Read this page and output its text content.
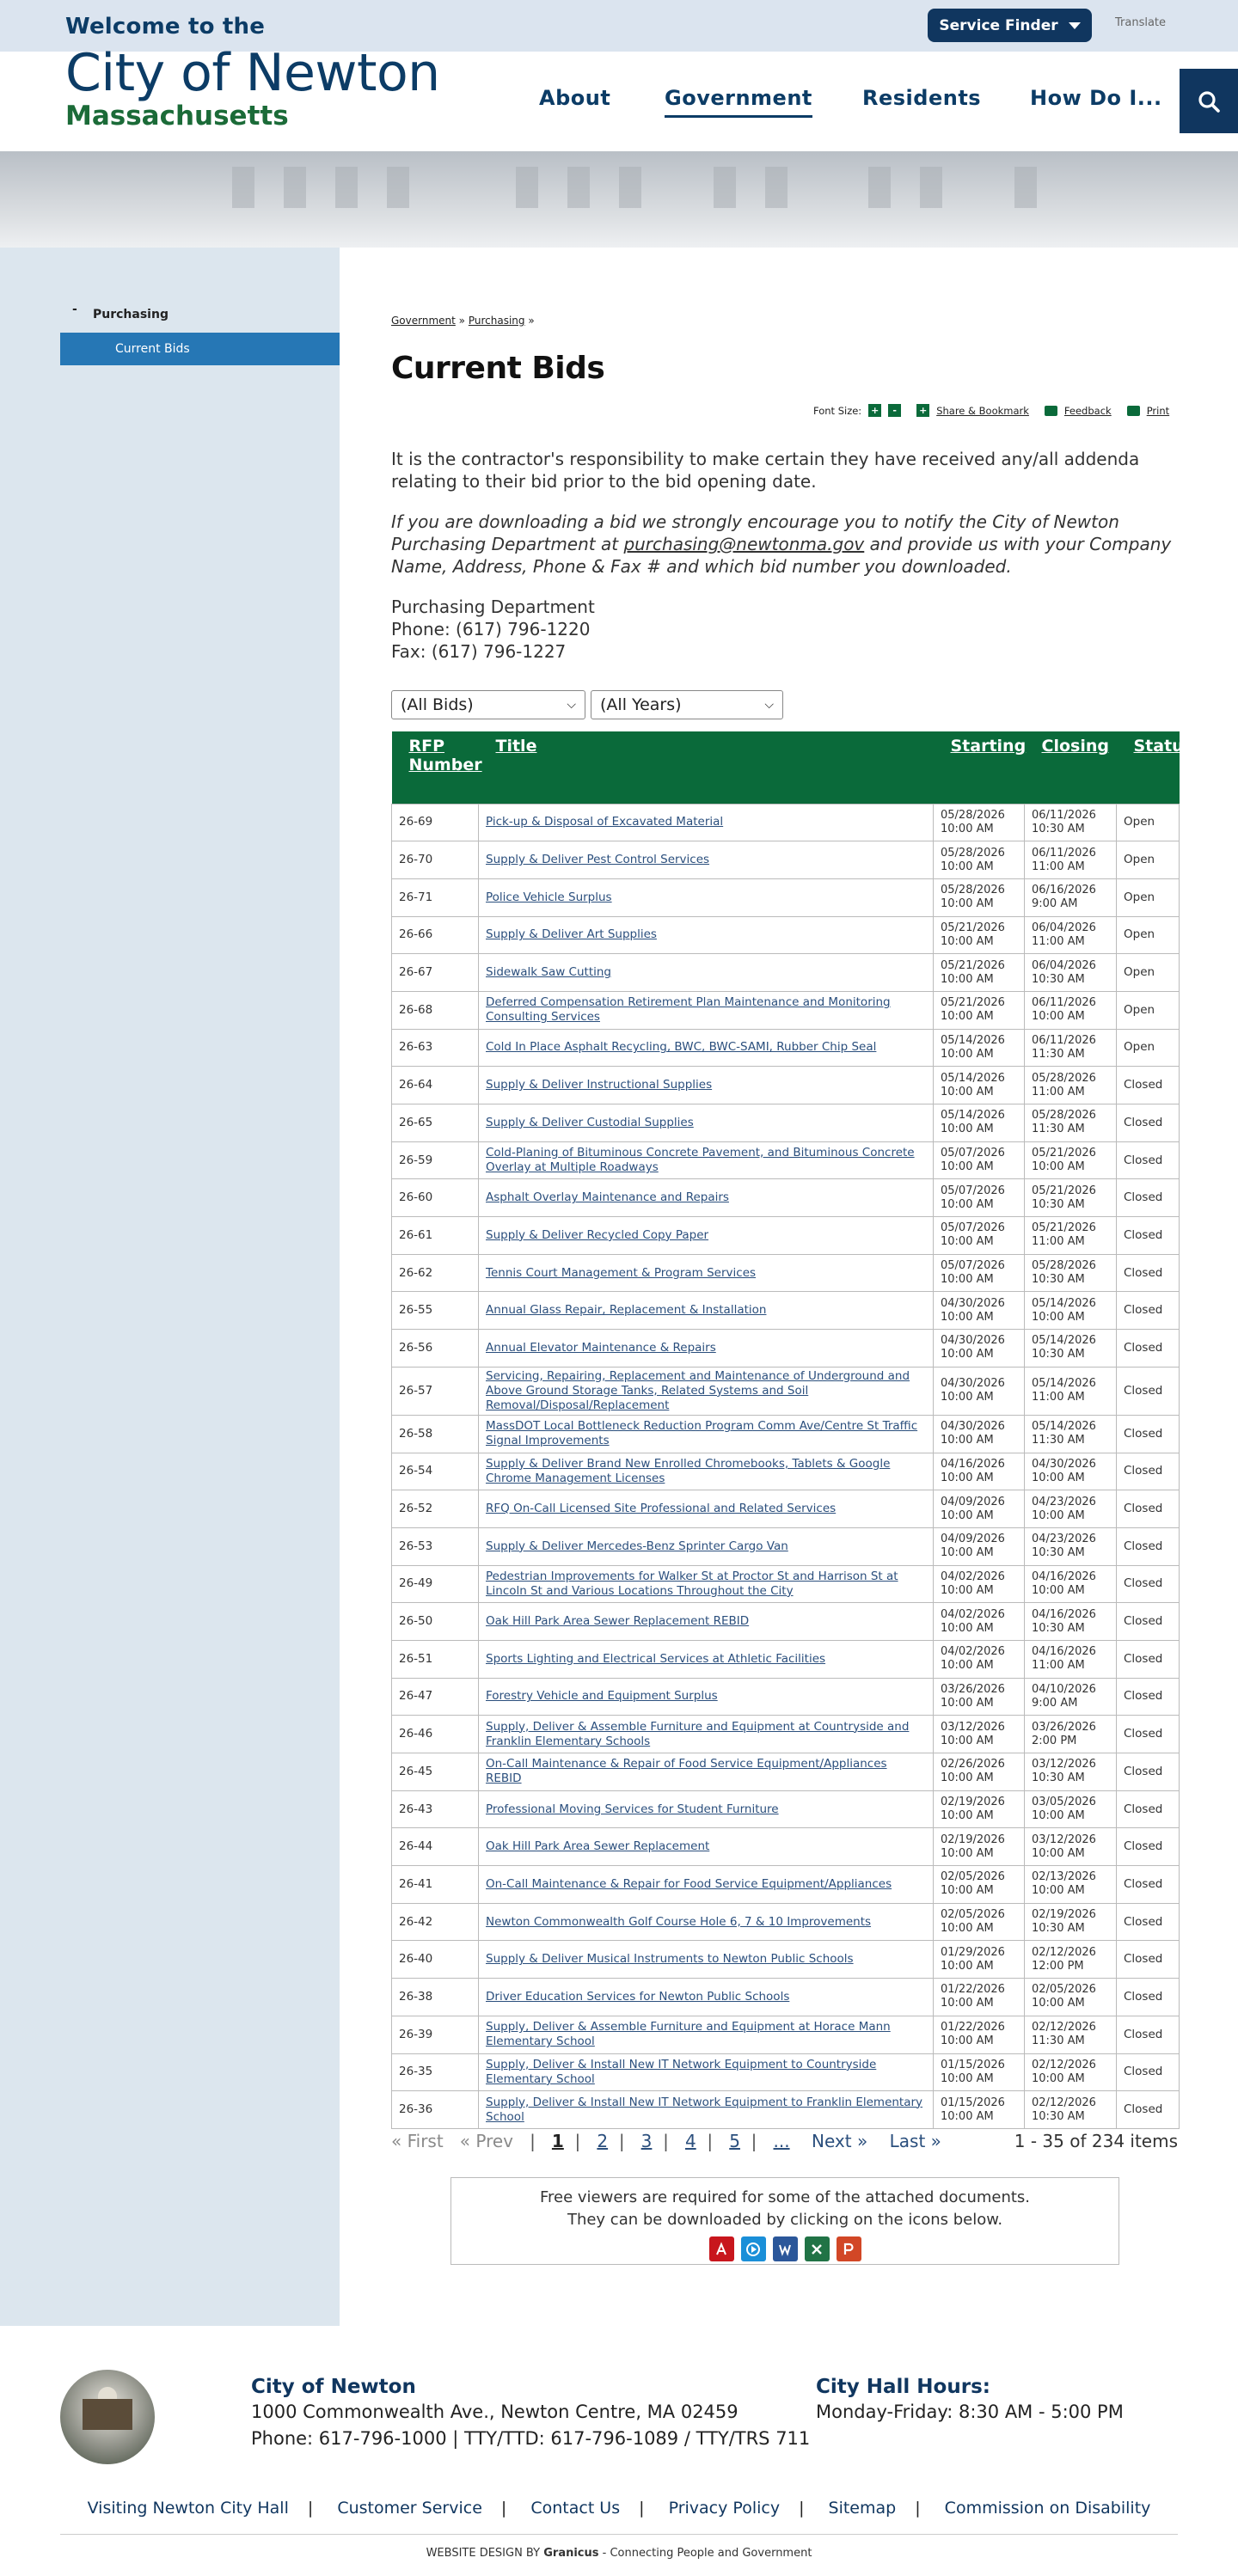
Welcome to the	Service Finder	Translate
City of Newton
Massachusetts
About	Government Residents How Do I...
- Purchasing
Current Bids
Government » Purchasing »
Current Bids
Font Size: +	-	+ Share & Bookmark	Feedback	Print

It is the contractor's responsibility to make certain they have received any/all addenda relating to their bid prior to the bid opening date.

If you are downloading a bid we strongly encourage you to notify the City of Newton Purchasing Department at purchasing@newtonma.gov and provide us with your Company Name, Address, Phone & Fax # and which bid number you downloaded.

Purchasing Department

Phone: (617) 796-1220

Fax: (617) 796-1227

(All Bids)	⌵ (All Years)	⌵
RFP Number	Title	Starting	Closing	Status
26-69	Pick-up & Disposal of Excavated Material	05/28/2026 10:00 AM	06/11/2026 10:30 AM	Open
26-70	Supply & Deliver Pest Control Services	05/28/2026 10:00 AM	06/11/2026 11:00 AM	Open
26-71	Police Vehicle Surplus	05/28/2026 10:00 AM	06/16/2026 9:00 AM	Open
26-66	Supply & Deliver Art Supplies	05/21/2026 10:00 AM	06/04/2026 11:00 AM	Open
26-67	Sidewalk Saw Cutting	05/21/2026 10:00 AM	06/04/2026 10:30 AM	Open
26-68	Deferred Compensation Retirement Plan Maintenance and Monitoring Consulting Services	05/21/2026 10:00 AM	06/11/2026 10:00 AM	Open
26-63	Cold In Place Asphalt Recycling, BWC, BWC-SAMI, Rubber Chip Seal	05/14/2026 10:00 AM	06/11/2026 11:30 AM	Open
26-64	Supply & Deliver Instructional Supplies	05/14/2026 10:00 AM	05/28/2026 11:00 AM	Closed
26-65	Supply & Deliver Custodial Supplies	05/14/2026 10:00 AM	05/28/2026 11:30 AM	Closed
26-59	Cold-Planing of Bituminous Concrete Pavement, and Bituminous Concrete Overlay at Multiple Roadways	05/07/2026 10:00 AM	05/21/2026 10:00 AM	Closed
26-60	Asphalt Overlay Maintenance and Repairs	05/07/2026 10:00 AM	05/21/2026 10:30 AM	Closed
26-61	Supply & Deliver Recycled Copy Paper	05/07/2026 10:00 AM	05/21/2026 11:00 AM	Closed
26-62	Tennis Court Management & Program Services	05/07/2026 10:00 AM	05/28/2026 10:30 AM	Closed
26-55	Annual Glass Repair, Replacement & Installation	04/30/2026 10:00 AM	05/14/2026 10:00 AM	Closed
26-56	Annual Elevator Maintenance & Repairs	04/30/2026 10:00 AM	05/14/2026 10:30 AM	Closed
26-57	Servicing, Repairing, Replacement and Maintenance of Underground and Above Ground Storage Tanks, Related Systems and Soil Removal/Disposal/Replacement	04/30/2026 10:00 AM	05/14/2026 11:00 AM	Closed
26-58	MassDOT Local Bottleneck Reduction Program Comm Ave/Centre St Traffic Signal Improvements	04/30/2026 10:00 AM	05/14/2026 11:30 AM	Closed
26-54	Supply & Deliver Brand New Enrolled Chromebooks, Tablets & Google Chrome Management Licenses	04/16/2026 10:00 AM	04/30/2026 10:00 AM	Closed
26-52	RFQ On-Call Licensed Site Professional and Related Services	04/09/2026 10:00 AM	04/23/2026 10:00 AM	Closed
26-53	Supply & Deliver Mercedes-Benz Sprinter Cargo Van	04/09/2026 10:00 AM	04/23/2026 10:30 AM	Closed
26-49	Pedestrian Improvements for Walker St at Proctor St and Harrison St at Lincoln St and Various Locations Throughout the City	04/02/2026 10:00 AM	04/16/2026 10:00 AM	Closed
26-50	Oak Hill Park Area Sewer Replacement REBID	04/02/2026 10:00 AM	04/16/2026 10:30 AM	Closed
26-51	Sports Lighting and Electrical Services at Athletic Facilities	04/02/2026 10:00 AM	04/16/2026 11:00 AM	Closed
26-47	Forestry Vehicle and Equipment Surplus	03/26/2026 10:00 AM	04/10/2026 9:00 AM	Closed
26-46	Supply, Deliver & Assemble Furniture and Equipment at Countryside and Franklin Elementary Schools	03/12/2026 10:00 AM	03/26/2026 2:00 PM	Closed
26-45	On-Call Maintenance & Repair of Food Service Equipment/Appliances REBID	02/26/2026 10:00 AM	03/12/2026 10:30 AM	Closed
26-43	Professional Moving Services for Student Furniture	02/19/2026 10:00 AM	03/05/2026 10:00 AM	Closed
26-44	Oak Hill Park Area Sewer Replacement	02/19/2026 10:00 AM	03/12/2026 10:00 AM	Closed
26-41	On-Call Maintenance & Repair for Food Service Equipment/Appliances	02/05/2026 10:00 AM	02/13/2026 10:00 AM	Closed
26-42	Newton Commonwealth Golf Course Hole 6, 7 & 10 Improvements	02/05/2026 10:00 AM	02/19/2026 10:30 AM	Closed
26-40	Supply & Deliver Musical Instruments to Newton Public Schools	01/29/2026 10:00 AM	02/12/2026 12:00 PM	Closed
26-38	Driver Education Services for Newton Public Schools	01/22/2026 10:00 AM	02/05/2026 10:00 AM	Closed
26-39	Supply, Deliver & Assemble Furniture and Equipment at Horace Mann Elementary School	01/22/2026 10:00 AM	02/12/2026 11:30 AM	Closed
26-35	Supply, Deliver & Install New IT Network Equipment to Countryside Elementary School	01/15/2026 10:00 AM	02/12/2026 10:00 AM	Closed
26-36	Supply, Deliver & Install New IT Network Equipment to Franklin Elementary School	01/15/2026 10:00 AM	02/12/2026 10:30 AM	Closed
« First « Prev | 1 | 2 | 3 | 4 | 5 | ... Next » Last »	1 - 35 of 234 items
Free viewers are required for some of the attached documents.
They can be downloaded by clicking on the icons below.
City of Newton
1000 Commonwealth Ave., Newton Centre, MA 02459
Phone: 617-796-1000 | TTY/TTD: 617-796-1089 / TTY/TRS 711
City Hall Hours:
Monday-Friday: 8:30 AM - 5:00 PM
Visiting Newton City Hall | Customer Service | Contact Us | Privacy Policy | Sitemap | Commission on Disability
WEBSITE DESIGN BY Granicus - Connecting People and Government
